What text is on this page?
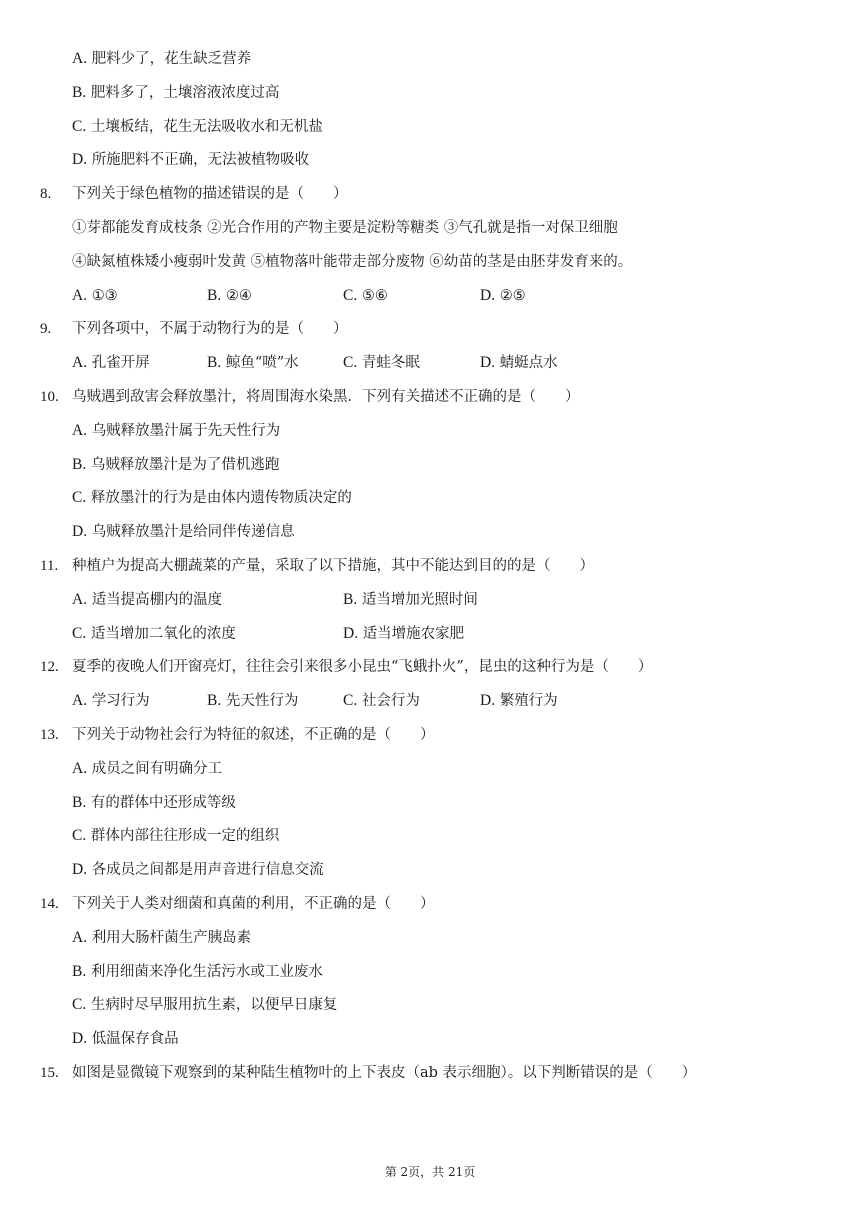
A. 肥料少了，花生缺乏营养
B. 肥料多了，土壤溶液浓度过高
C. 土壤板结，花生无法吸收水和无机盐
D. 所施肥料不正确，无法被植物吸收
8. 下列关于绿色植物的描述错误的是（　　）
①芽都能发育成枝条 ②光合作用的产物主要是淀粉等糖类 ③气孔就是指一对保卫细胞
④缺氮植株矮小瘦弱叶发黄 ⑤植物落叶能带走部分废物 ⑥幼苗的茎是由胚芽发育来的。
A. ①③	B. ②④	C. ⑤⑥	D. ②⑤
9. 下列各项中，不属于动物行为的是（　　）
A. 孔雀开屏	B. 鲸鱼“喷”水	C. 青蛙冬眠	D. 蜻蜓点水
10. 乌贼遇到敌害会释放墨汁，将周围海水染黑．下列有关描述不正确的是（　　）
A. 乌贼释放墨汁属于先天性行为
B. 乌贼释放墨汁是为了借机逃跑
C. 释放墨汁的行为是由体内遗传物质决定的
D. 乌贼释放墨汁是给同伴传递信息
11. 种植户为提高大棚蔬菜的产量，采取了以下措施，其中不能达到目的的是（　　）
A. 适当提高棚内的温度	B. 适当增加光照时间
C. 适当增加二氧化的浓度	D. 适当增施农家肥
12. 夏季的夜晚人们开窗亮灯，往往会引来很多小昆虫“飞蛾扑火”，昆虫的这种行为是（　　）
A. 学习行为	B. 先天性行为	C. 社会行为	D. 繁殖行为
13. 下列关于动物社会行为特征的叙述，不正确的是（　　）
A. 成员之间有明确分工
B. 有的群体中还形成等级
C. 群体内部往往形成一定的组织
D. 各成员之间都是用声音进行信息交流
14. 下列关于人类对细菌和真菌的利用，不正确的是（　　）
A. 利用大肠杆菌生产胰岛素
B. 利用细菌来净化生活污水或工业废水
C. 生病时尽早服用抗生素，以便早日康复
D. 低温保存食品
15. 如图是显微镜下观察到的某种陆生植物叶的上下表皮（ab 表示细胞）。以下判断错误的是（　　）
第 2页，共 21页
